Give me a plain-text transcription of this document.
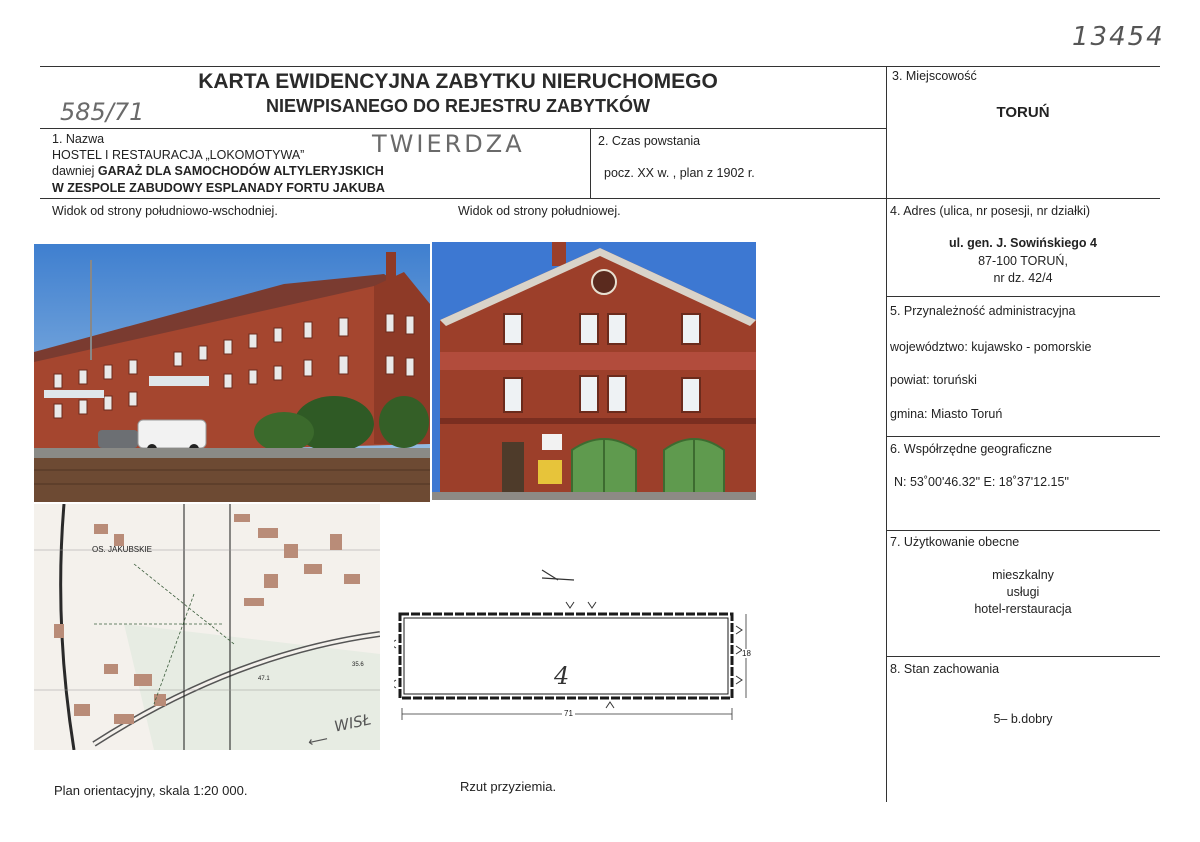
13454
585/71
TWIERDZA
KARTA EWIDENCYJNA ZABYTKU NIERUCHOMEGO
NIEWPISANEGO DO REJESTRU ZABYTKÓW
1. Nazwa
HOSTEL I RESTAURACJA „LOKOMOTYWA”
dawniej GARAŻ DLA SAMOCHODÓW ALTYLERYJSKICH
W ZESPOLE ZABUDOWY ESPLANADY FORTU JAKUBA
2. Czas powstania
pocz. XX w. , plan z 1902 r.
3. Miejscowość
TORUŃ
4. Adres (ulica, nr posesji, nr działki)
ul. gen. J. Sowińskiego 4
87-100 TORUŃ,
nr dz. 42/4
5. Przynależność administracyjna
województwo: kujawsko - pomorskie
powiat: toruński
gmina: Miasto Toruń
6. Współrzędne geograficzne
N: 53˚00'46.32" E: 18˚37'12.15"
7. Użytkowanie obecne
mieszkalny
usługi
hotel-rerstauracja
8. Stan zachowania
5– b.dobry
Widok od strony południowo-wschodniej.	Widok od strony południowej.
OS. JAKUBSKIE
35.6
47.1
WISŁ
⟵
4
71
18
Plan orientacyjny, skala 1:20 000.	Rzut przyziemia.
